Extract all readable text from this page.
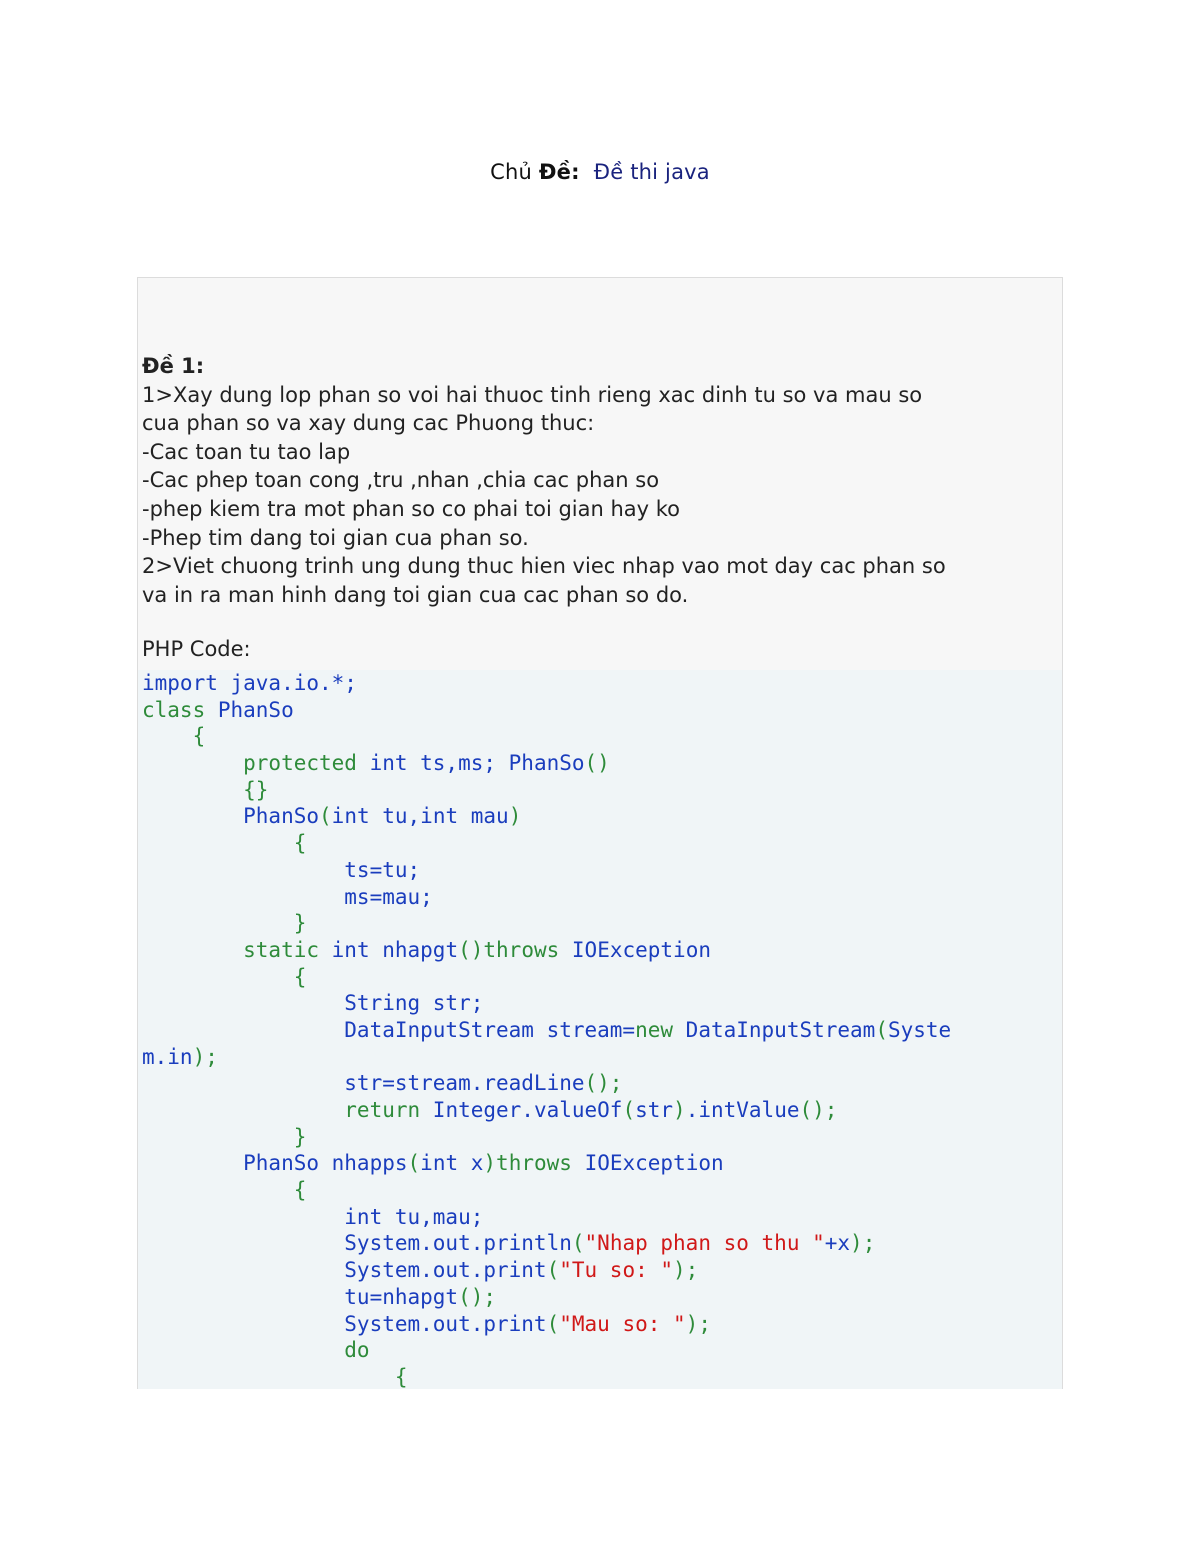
Chủ Đề: Đề thi java
Đề 1:
1>Xay dung lop phan so voi hai thuoc tinh rieng xac dinh tu so va mau so
cua phan so va xay dung cac Phuong thuc:
-Cac toan tu tao lap
-Cac phep toan cong ,tru ,nhan ,chia cac phan so
-phep kiem tra mot phan so co phai toi gian hay ko
-Phep tim dang toi gian cua phan so.
2>Viet chuong trinh ung dung thuc hien viec nhap vao mot day cac phan so
va in ra man hinh dang toi gian cua cac phan so do.
PHP Code:
import java.io.*;
class PhanSo
{
protected int ts,ms; PhanSo()
{}
PhanSo(int tu,int mau)
{
ts=tu;
ms=mau;
}
static int nhapgt()throws IOException
{
String str;
DataInputStream stream=new DataInputStream(Syste
m.in);
str=stream.readLine();
return Integer.valueOf(str).intValue();
}
PhanSo nhapps(int x)throws IOException
{
int tu,mau;
System.out.println("Nhap phan so thu "+x);
System.out.print("Tu so: ");
tu=nhapgt();
System.out.print("Mau so: ");
do
{
